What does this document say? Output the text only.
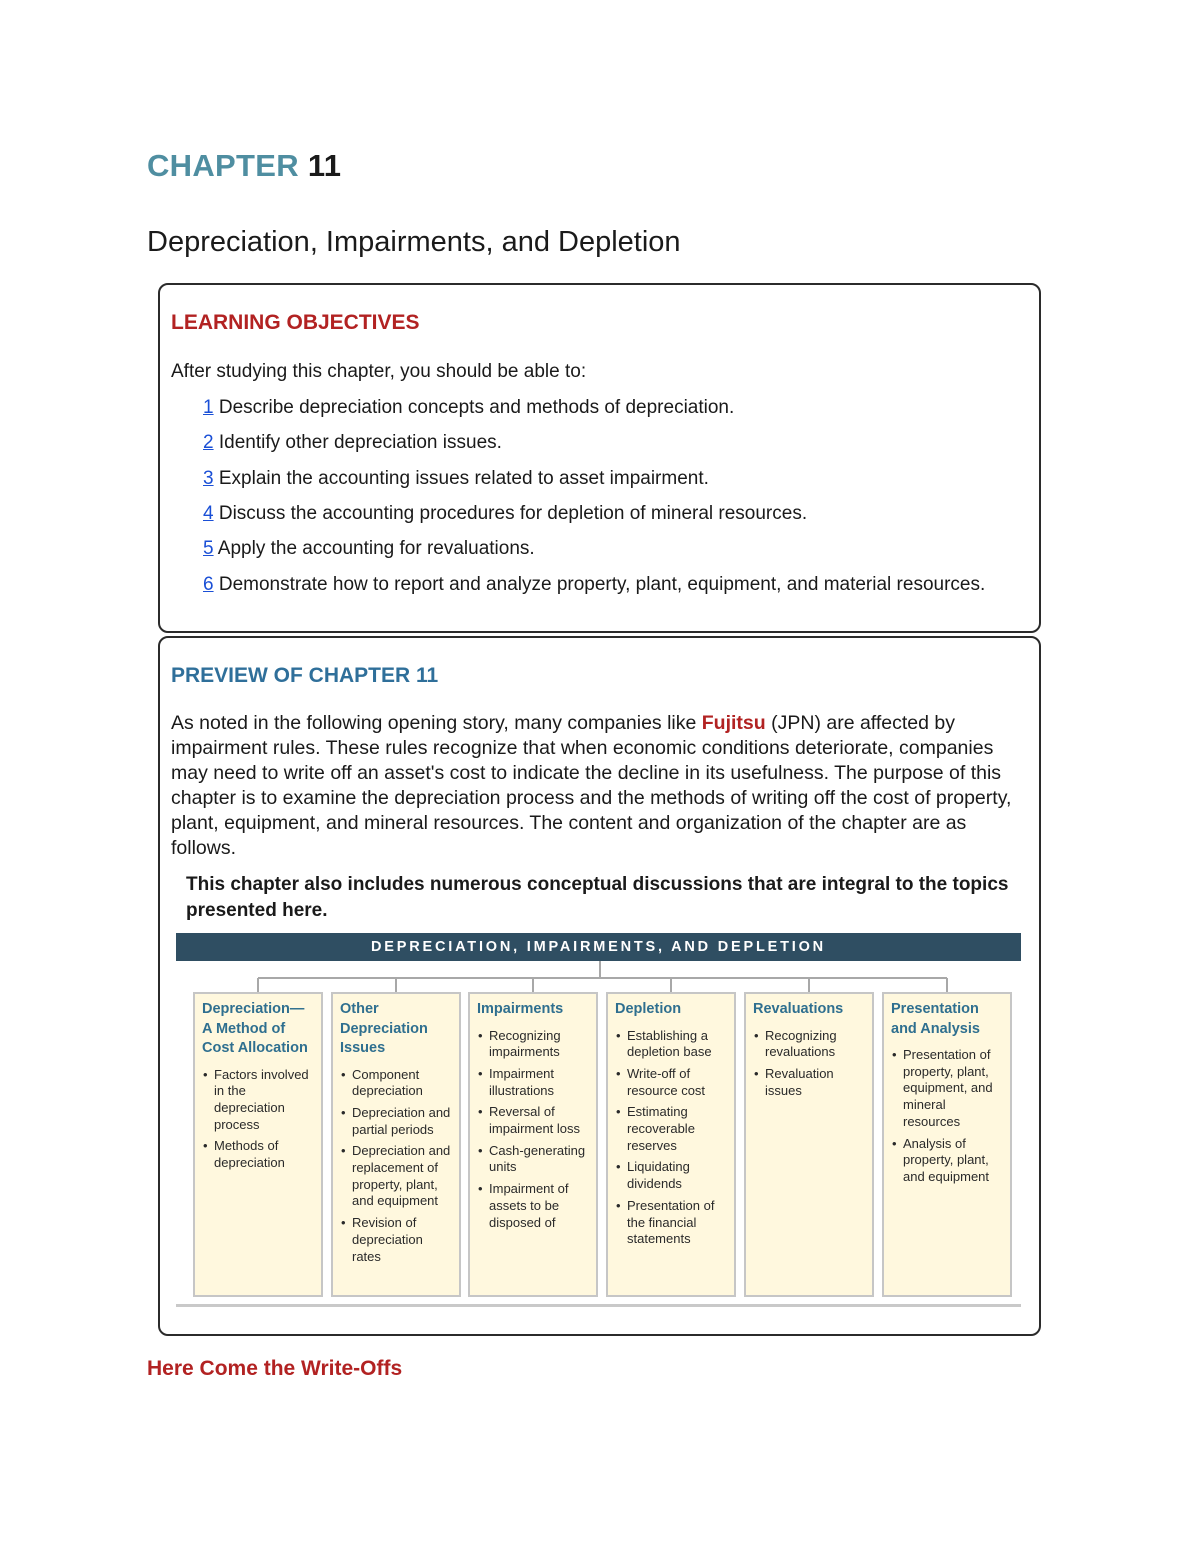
CHAPTER 11
Depreciation, Impairments, and Depletion
LEARNING OBJECTIVES
After studying this chapter, you should be able to:
1 Describe depreciation concepts and methods of depreciation.
2 Identify other depreciation issues.
3 Explain the accounting issues related to asset impairment.
4 Discuss the accounting procedures for depletion of mineral resources.
5 Apply the accounting for revaluations.
6 Demonstrate how to report and analyze property, plant, equipment, and material resources.
PREVIEW OF CHAPTER 11
As noted in the following opening story, many companies like Fujitsu (JPN) are affected by impairment rules. These rules recognize that when economic conditions deteriorate, companies may need to write off an asset's cost to indicate the decline in its usefulness. The purpose of this chapter is to examine the depreciation process and the methods of writing off the cost of property, plant, equipment, and mineral resources. The content and organization of the chapter are as follows.
This chapter also includes numerous conceptual discussions that are integral to the topics presented here.
DEPRECIATION, IMPAIRMENTS, AND DEPLETION
Depreciation— A Method of Cost Allocation
• Factors involved in the depreciation process
• Methods of depreciation
Other Depreciation Issues
• Component depreciation
• Depreciation and partial periods
• Depreciation and replacement of property, plant, and equipment
• Revision of depreciation rates
Impairments
• Recognizing impairments
• Impairment illustrations
• Reversal of impairment loss
• Cash-generating units
• Impairment of assets to be disposed of
Depletion
• Establishing a depletion base
• Write-off of resource cost
• Estimating recoverable reserves
• Liquidating dividends
• Presentation of the financial statements
Revaluations
• Recognizing revaluations
• Revaluation issues
Presentation and Analysis
• Presentation of property, plant, equipment, and mineral resources
• Analysis of property, plant, and equipment
Here Come the Write-Offs
